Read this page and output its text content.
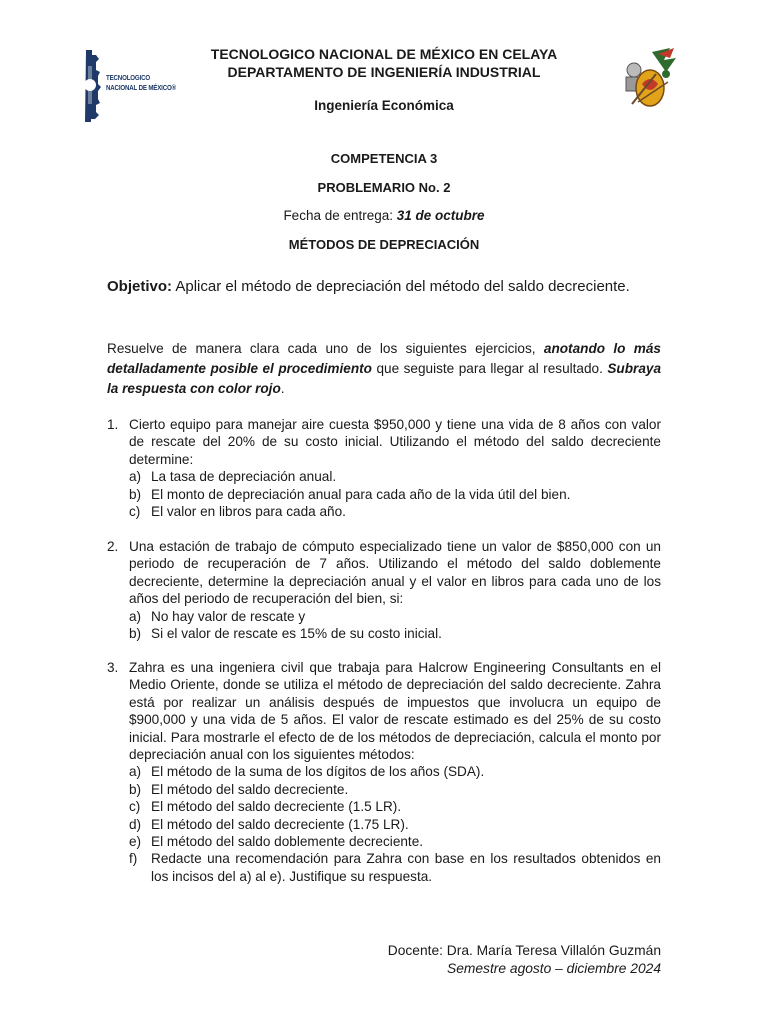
TECNOLOGICO
NACIONAL DE MÉXICO®
TECNOLOGICO NACIONAL DE MÉXICO EN CELAYA
DEPARTAMENTO DE INGENIERÍA INDUSTRIAL
Ingeniería Económica
COMPETENCIA 3
PROBLEMARIO No. 2
Fecha de entrega: 31 de octubre
MÉTODOS DE DEPRECIACIÓN
Objetivo: Aplicar el método de depreciación del método del saldo decreciente.
Resuelve de manera clara cada uno de los siguientes ejercicios, anotando lo más detalladamente posible el procedimiento que seguiste para llegar al resultado. Subraya la respuesta con color rojo.
1. Cierto equipo para manejar aire cuesta $950,000 y tiene una vida de 8 años con valor de rescate del 20% de su costo inicial. Utilizando el método del saldo decreciente determine:
a) La tasa de depreciación anual.
b) El monto de depreciación anual para cada año de la vida útil del bien.
c) El valor en libros para cada año.
2. Una estación de trabajo de cómputo especializado tiene un valor de $850,000 con un periodo de recuperación de 7 años. Utilizando el método del saldo doblemente decreciente, determine la depreciación anual y el valor en libros para cada uno de los años del periodo de recuperación del bien, si:
a) No hay valor de rescate y
b) Si el valor de rescate es 15% de su costo inicial.
3. Zahra es una ingeniera civil que trabaja para Halcrow Engineering Consultants en el Medio Oriente, donde se utiliza el método de depreciación del saldo decreciente. Zahra está por realizar un análisis después de impuestos que involucra un equipo de $900,000 y una vida de 5 años. El valor de rescate estimado es del 25% de su costo inicial. Para mostrarle el efecto de de los métodos de depreciación, calcula el monto por depreciación anual con los siguientes métodos:
a) El método de la suma de los dígitos de los años (SDA).
b) El método del saldo decreciente.
c) El método del saldo decreciente (1.5 LR).
d) El método del saldo decreciente (1.75 LR).
e) El método del saldo doblemente decreciente.
f) Redacte una recomendación para Zahra con base en los resultados obtenidos en los incisos del a) al e). Justifique su respuesta.
Docente: Dra. María Teresa Villalón Guzmán
Semestre agosto – diciembre 2024
